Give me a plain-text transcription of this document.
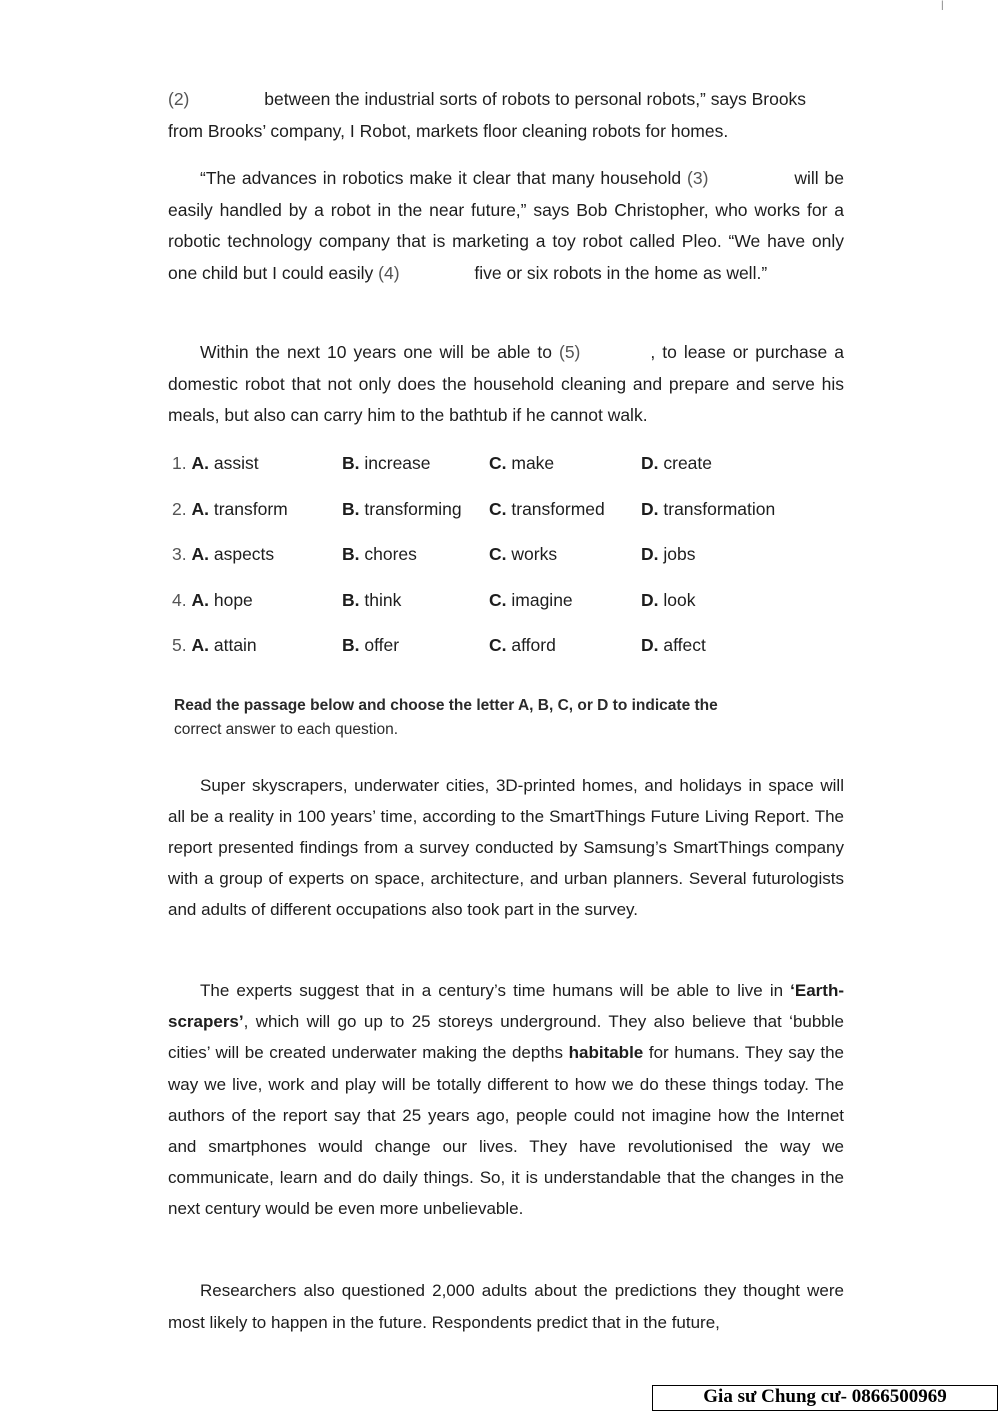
|

(2)	between the industrial sorts of robots to personal robots,” says Brooks
from Brooks’ company, I Robot, markets floor cleaning robots for homes.

“The advances in robotics make it clear that many household (3)	will be easily handled by a robot in the near future,” says Bob Christopher, who works for a robotic technology company that is marketing a toy robot called Pleo. “We have only one child but I could easily (4)	five or six robots in the home as well.”

Within the next 10 years one will be able to (5)	, to lease or purchase a domestic robot that not only does the household cleaning and prepare and serve his meals, but also can carry him to the bathtub if he cannot walk.

1. A. assist	B. increase	C. make	D. create
2. A. transform	B. transforming	C. transformed	D. transformation
3. A. aspects	B. chores	C. works	D. jobs
4. A. hope	B. think	C. imagine	D. look
5. A. attain	B. offer	C. afford	D. affect

Read the passage below and choose the letter A, B, C, or D to indicate the
correct answer to each question.

Super skyscrapers, underwater cities, 3D-printed homes, and holidays in space will all be a reality in 100 years’ time, according to the SmartThings Future Living Report. The report presented findings from a survey conducted by Samsung’s SmartThings company with a group of experts on space, architecture, and urban planners. Several futurologists and adults of different occupations also took part in the survey.

The experts suggest that in a century’s time humans will be able to live in ‘Earth-scrapers’, which will go up to 25 storeys underground. They also believe that ‘bubble cities’ will be created underwater making the depths habitable for humans. They say the way we live, work and play will be totally different to how we do these things today. The authors of the report say that 25 years ago, people could not imagine how the Internet and smartphones would change our lives. They have revolutionised the way we communicate, learn and do daily things. So, it is understandable that the changes in the next century would be even more unbelievable.

Researchers also questioned 2,000 adults about the predictions they thought were most likely to happen in the future. Respondents predict that in the future,

Gia sư Chung cư- 0866500969
